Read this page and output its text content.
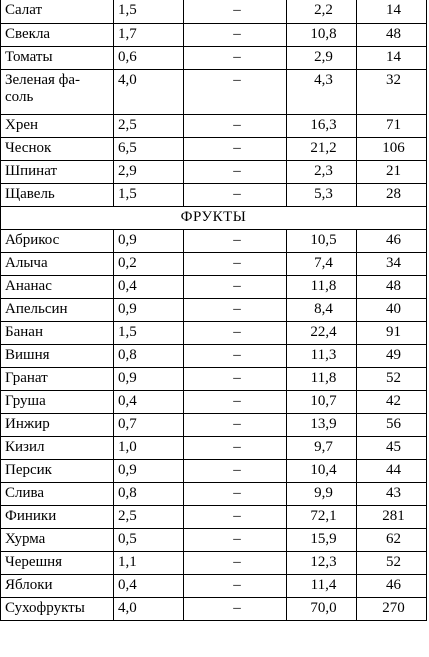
Салат	1,5	–	2,2	14

Свекла	1,7	–	10,8	48

Томаты	0,6	–	2,9	14

Зеленая фа-
соль	4,0	–	4,3	32

Хрен	2,5	–	16,3	71

Чеснок	6,5	–	21,2	106

Шпинат	2,9	–	2,3	21

Щавель	1,5	–	5,3	28

ФРУКТЫ				

Абрикос	0,9	–	10,5	46

Алыча	0,2	–	7,4	34

Ананас	0,4	–	11,8	48

Апельсин	0,9	–	8,4	40

Банан	1,5	–	22,4	91

Вишня	0,8	–	11,3	49

Гранат	0,9	–	11,8	52

Груша	0,4	–	10,7	42

Инжир	0,7	–	13,9	56

Кизил	1,0	–	9,7	45

Персик	0,9	–	10,4	44

Слива	0,8	–	9,9	43

Финики	2,5	–	72,1	281

Хурма	0,5	–	15,9	62

Черешня	1,1	–	12,3	52

Яблоки	0,4	–	11,4	46

Сухофрукты	4,0	–	70,0	270
